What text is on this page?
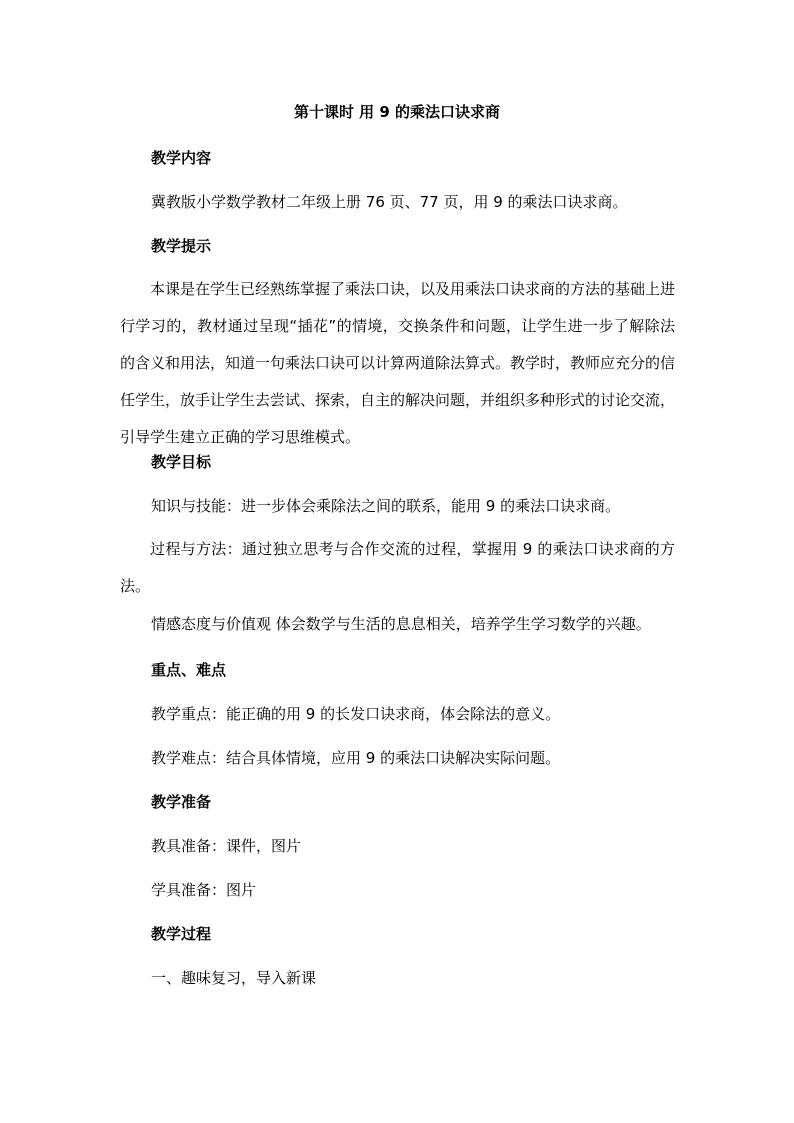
第十课时 用 9 的乘法口诀求商
教学内容
冀教版小学数学教材二年级上册 76 页、77 页，用 9 的乘法口诀求商。
教学提示
本课是在学生已经熟练掌握了乘法口诀，以及用乘法口诀求商的方法的基础上进行学习的，教材通过呈现“插花”的情境，交换条件和问题，让学生进一步了解除法的含义和用法，知道一句乘法口诀可以计算两道除法算式。教学时，教师应充分的信任学生，放手让学生去尝试、探索，自主的解决问题，并组织多种形式的讨论交流，引导学生建立正确的学习思维模式。
教学目标
知识与技能：进一步体会乘除法之间的联系，能用 9 的乘法口诀求商。
过程与方法：通过独立思考与合作交流的过程，掌握用 9 的乘法口诀求商的方法。
情感态度与价值观 体会数学与生活的息息相关，培养学生学习数学的兴趣。
重点、难点
教学重点：能正确的用 9 的长发口诀求商，体会除法的意义。
教学难点：结合具体情境，应用 9 的乘法口诀解决实际问题。
教学准备
教具准备：课件，图片
学具准备：图片
教学过程
一、趣味复习，导入新课
